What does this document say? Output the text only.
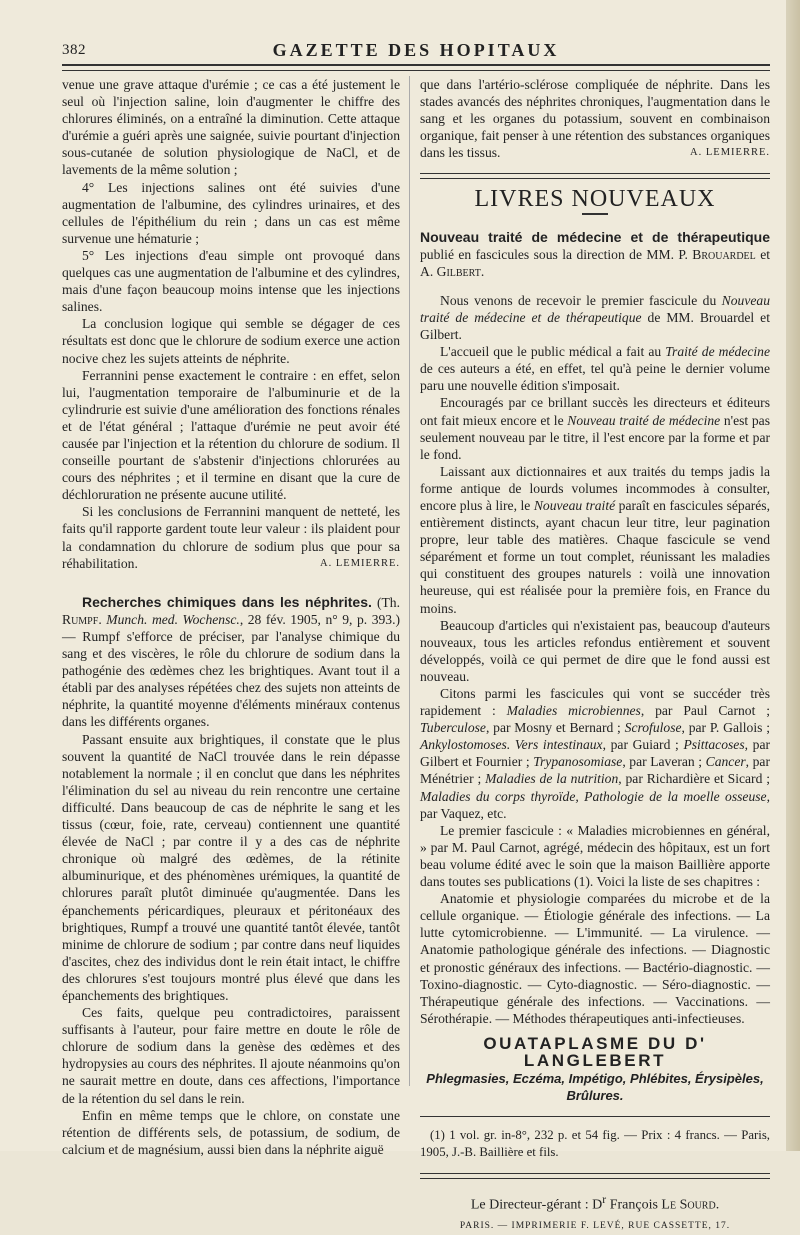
382	GAZETTE DES HOPITAUX

venue une grave attaque d'urémie ; ce cas a été justement le seul où l'injection saline, loin d'augmenter le chiffre des chlorures éliminés, on a entraîné la diminution. Cette attaque d'urémie a guéri après une saignée, suivie pourtant d'injection sous-cutanée de solution physiologique de NaCl, et de lavements de la même solution ;

4° Les injections salines ont été suivies d'une augmentation de l'albumine, des cylindres urinaires, et des cellules de l'épithélium du rein ; dans un cas est même survenue une hématurie ;

5° Les injections d'eau simple ont provoqué dans quelques cas une augmentation de l'albumine et des cylindres, mais d'une façon beaucoup moins intense que les injections salines.

La conclusion logique qui semble se dégager de ces résultats est donc que le chlorure de sodium exerce une action nocive chez les sujets atteints de néphrite.

Ferrannini pense exactement le contraire : en effet, selon lui, l'augmentation temporaire de l'albuminurie et de la cylindrurie est suivie d'une amélioration des fonctions rénales et de l'état général ; l'attaque d'urémie ne peut avoir été causée par l'injection et la rétention du chlorure de sodium. Il conseille pourtant de s'abstenir d'injections chlorurées au cours des néphrites ; et il termine en disant que la cure de déchloruration ne présente aucune utilité.

Si les conclusions de Ferrannini manquent de netteté, les faits qu'il rapporte gardent toute leur valeur : ils plaident pour la condamnation du chlorure de sodium plus que pour sa réhabilitation.	A. LEMIERRE.

Recherches chimiques dans les néphrites. (Th. Rumpf. Munch. med. Wochensc., 28 fév. 1905, n° 9, p. 393.) — Rumpf s'efforce de préciser, par l'analyse chimique du sang et des viscères, le rôle du chlorure de sodium dans la pathogénie des œdèmes chez les brightiques. Avant tout il a établi par des analyses répétées chez des sujets non atteints de néphrite, la quantité moyenne d'éléments minéraux contenus dans les différents organes.

Passant ensuite aux brightiques, il constate que le plus souvent la quantité de NaCl trouvée dans le rein dépasse notablement la normale ; il en conclut que dans les néphrites l'élimination du sel au niveau du rein rencontre une certaine difficulté. Dans beaucoup de cas de néphrite le sang et les tissus (cœur, foie, rate, cerveau) contiennent une quantité élevée de NaCl ; par contre il y a des cas de néphrite chronique où malgré des œdèmes, de la rétinite albuminurique, et des phénomènes urémiques, la quantité de chlorures paraît plutôt diminuée qu'augmentée. Dans les épanchements péricardiques, pleuraux et péritonéaux des brightiques, Rumpf a trouvé une quantité tantôt élevée, tantôt minime de chlorure de sodium ; par contre dans neuf liquides d'ascites, chez des individus dont le rein était intact, le chiffre des chlorures s'est toujours montré plus élevé que dans les épanchements des brightiques.

Ces faits, quelque peu contradictoires, paraissent suffisants à l'auteur, pour faire mettre en doute le rôle de chlorure de sodium dans la genèse des œdèmes et des hydropysies au cours des néphrites. Il ajoute néanmoins qu'on ne saurait mettre en doute, dans ces affections, l'importance de la rétention du sel dans le rein.

Enfin en même temps que le chlore, on constate une rétention de différents sels, de potassium, de sodium, de calcium et de magnésium, aussi bien dans la néphrite aiguë

que dans l'artério-sclérose compliquée de néphrite. Dans les stades avancés des néphrites chroniques, l'augmentation dans le sang et les organes du potassium, souvent en combinaison organique, fait penser à une rétention des substances organiques dans les tissus.	A. LEMIERRE.

LIVRES NOUVEAUX

Nouveau traité de médecine et de thérapeutique publié en fascicules sous la direction de MM. P. Brouardel et A. Gilbert.

Nous venons de recevoir le premier fascicule du Nouveau traité de médecine et de thérapeutique de MM. Brouardel et Gilbert.

L'accueil que le public médical a fait au Traité de médecine de ces auteurs a été, en effet, tel qu'à peine le dernier volume paru une nouvelle édition s'imposait.

Encouragés par ce brillant succès les directeurs et éditeurs ont fait mieux encore et le Nouveau traité de médecine n'est pas seulement nouveau par le titre, il l'est encore par la forme et par le fond.

Laissant aux dictionnaires et aux traités du temps jadis la forme antique de lourds volumes incommodes à consulter, encore plus à lire, le Nouveau traité paraît en fascicules séparés, entièrement distincts, ayant chacun leur titre, leur pagination propre, leur table des matières. Chaque fascicule se vend séparément et forme un tout complet, réunissant les maladies qui constituent des groupes naturels : voilà une innovation heureuse, qui est réalisée pour la première fois, en France du moins.

Beaucoup d'articles qui n'existaient pas, beaucoup d'auteurs nouveaux, tous les articles refondus entièrement et souvent développés, voilà ce qui permet de dire que le fond aussi est nouveau.

Citons parmi les fascicules qui vont se succéder très rapidement : Maladies microbiennes, par Paul Carnot ; Tuberculose, par Mosny et Bernard ; Scrofulose, par P. Gallois ; Ankylostomoses. Vers intestinaux, par Guiard ; Psittacoses, par Gilbert et Fournier ; Trypanosomiase, par Laveran ; Cancer, par Ménétrier ; Maladies de la nutrition, par Richardière et Sicard ; Maladies du corps thyroïde, Pathologie de la moelle osseuse, par Vaquez, etc.

Le premier fascicule : « Maladies microbiennes en général, » par M. Paul Carnot, agrégé, médecin des hôpitaux, est un fort beau volume édité avec le soin que la maison Baillière apporte dans toutes ses publications (1). Voici la liste de ses chapitres :

Anatomie et physiologie comparées du microbe et de la cellule organique. — Étiologie générale des infections. — La lutte cytomicrobienne. — L'immunité. — La virulence. — Anatomie pathologique générale des infections. — Diagnostic et pronostic généraux des infections. — Bactério-diagnostic. — Toxino-diagnostic. — Cyto-diagnostic. — Séro-diagnostic. — Thérapeutique générale des infections. — Vaccinations. — Sérothérapie. — Méthodes thérapeutiques anti-infectieuses.

OUATAPLASME DU D' LANGLEBERT
Phlegmasies, Eczéma, Impétigo, Phlébites, Érysipèles, Brûlures.

(1) 1 vol. gr. in-8°, 232 p. et 54 fig. — Prix : 4 francs. — Paris, 1905, J.-B. Baillière et fils.

Le Directeur-gérant : $D^r$ François Le Sourd.
PARIS. — IMPRIMERIE F. LEVÉ, RUE CASSETTE, 17.
